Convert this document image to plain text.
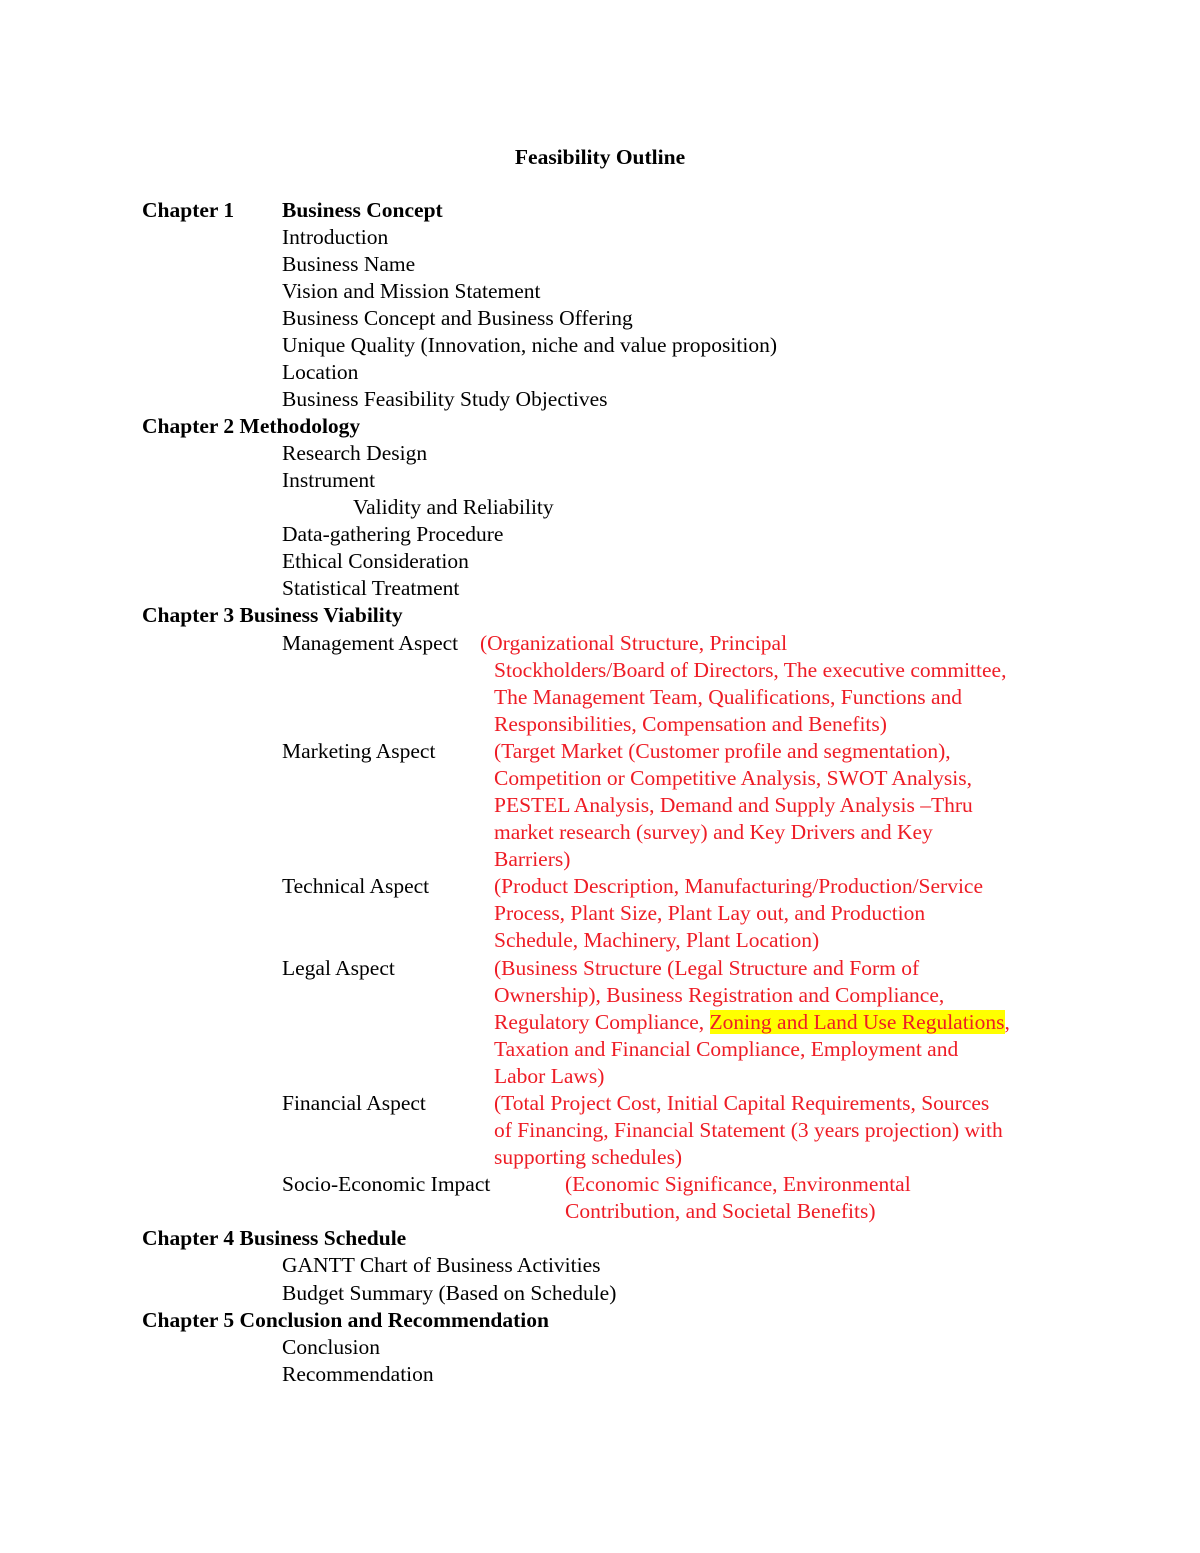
Feasibility Outline
Chapter 1 Business Concept
Introduction
Business Name
Vision and Mission Statement
Business Concept and Business Offering
Unique Quality (Innovation, niche and value proposition)
Location
Business Feasibility Study Objectives
Chapter 2 Methodology
Research Design
Instrument
Validity and Reliability
Data-gathering Procedure
Ethical Consideration
Statistical Treatment
Chapter 3 Business Viability
Management Aspect (Organizational Structure, Principal
Stockholders/Board of Directors, The executive committee,
The Management Team, Qualifications, Functions and
Responsibilities, Compensation and Benefits)
Marketing Aspect	(Target Market (Customer profile and segmentation),
Competition or Competitive Analysis, SWOT Analysis,
PESTEL Analysis, Demand and Supply Analysis –Thru
market research (survey) and Key Drivers and Key
Barriers)
Technical Aspect	(Product Description, Manufacturing/Production/Service
Process, Plant Size, Plant Lay out, and Production
Schedule, Machinery, Plant Location)
Legal Aspect	(Business Structure (Legal Structure and Form of
Ownership), Business Registration and Compliance,
Regulatory Compliance, Zoning and Land Use Regulations,
Taxation and Financial Compliance, Employment and
Labor Laws)
Financial Aspect	(Total Project Cost, Initial Capital Requirements, Sources
of Financing, Financial Statement (3 years projection) with
supporting schedules)
Socio-Economic Impact	(Economic Significance, Environmental
Contribution, and Societal Benefits)
Chapter 4 Business Schedule
GANTT Chart of Business Activities
Budget Summary (Based on Schedule)
Chapter 5 Conclusion and Recommendation
Conclusion
Recommendation
